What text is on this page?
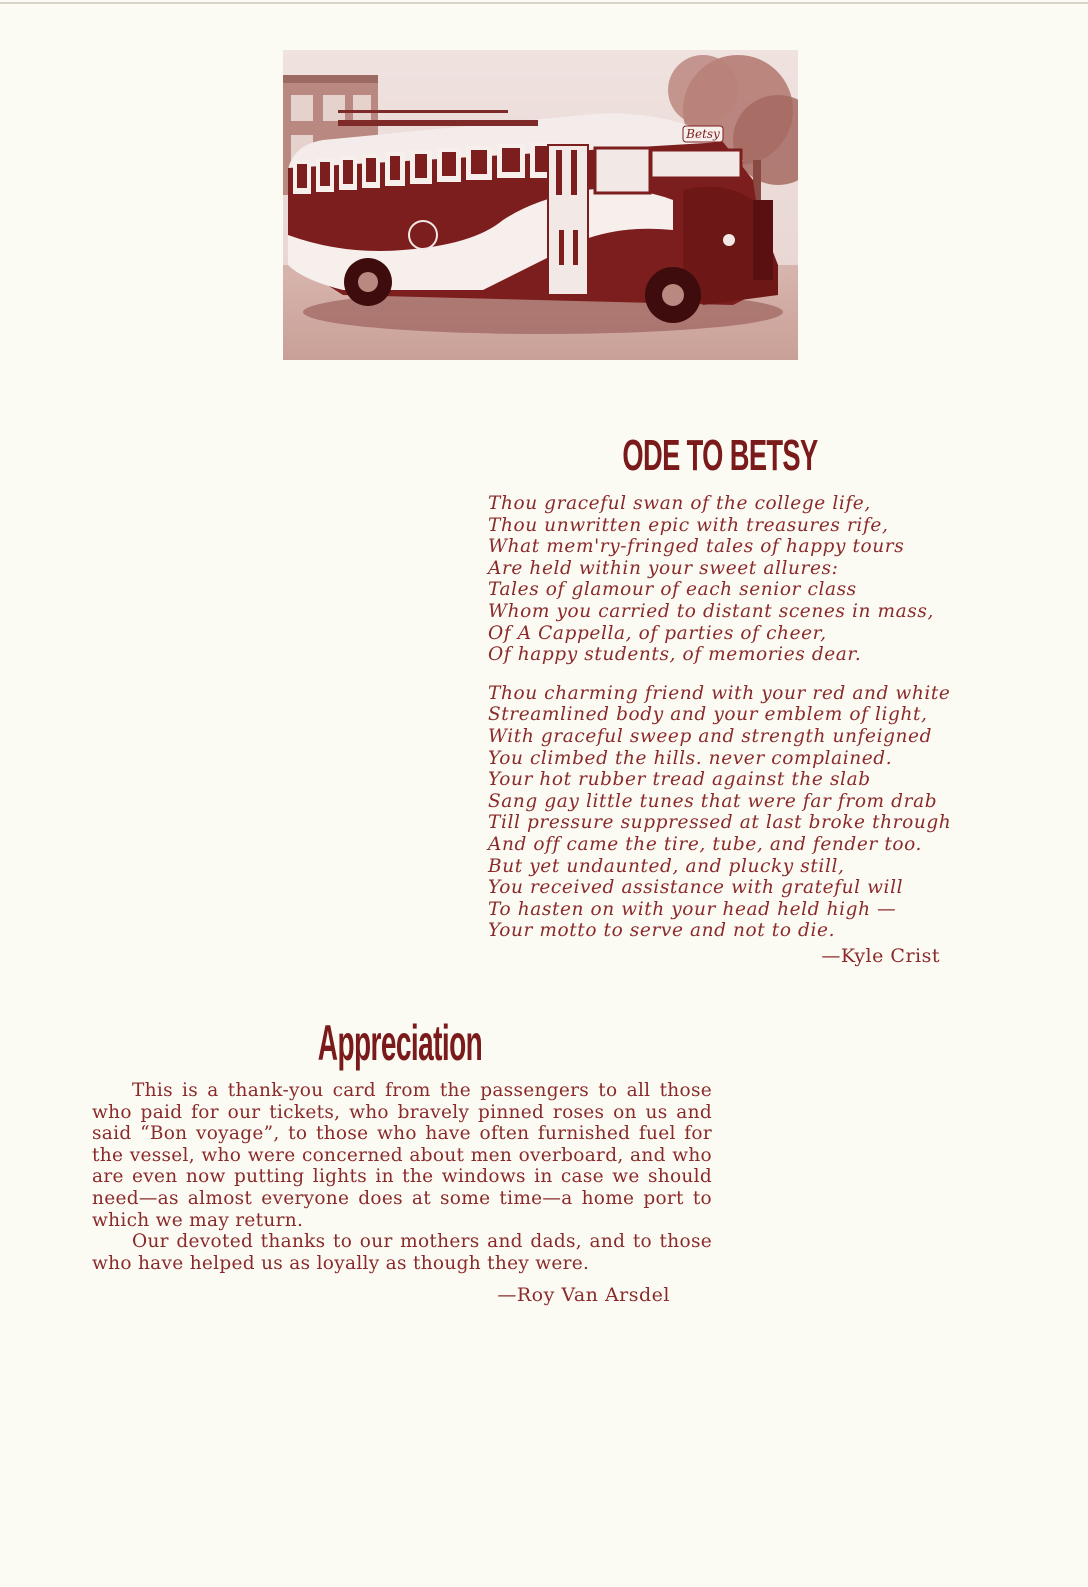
Betsy
ODE TO BETSY
Thou graceful swan of the college life,
Thou unwritten epic with treasures rife,
What mem'ry-fringed tales of happy tours
Are held within your sweet allures:
Tales of glamour of each senior class
Whom you carried to distant scenes in mass,
Of A Cappella, of parties of cheer,
Of happy students, of memories dear.
Thou charming friend with your red and white
Streamlined body and your emblem of light,
With graceful sweep and strength unfeigned
You climbed the hills. never complained.
Your hot rubber tread against the slab
Sang gay little tunes that were far from drab
Till pressure suppressed at last broke through
And off came the tire, tube, and fender too.
But yet undaunted, and plucky still,
You received assistance with grateful will
To hasten on with your head held high —
Your motto to serve and not to die.
—Kyle Crist
Appreciation

This is a thank-you card from the passengers to all those who paid for our tickets, who bravely pinned roses on us and said “Bon voyage”, to those who have often furnished fuel for the vessel, who were concerned about men overboard, and who are even now putting lights in the windows in case we should need—as almost everyone does at some time—a home port to which we may return.

Our devoted thanks to our mothers and dads, and to those who have helped us as loyally as though they were.

—Roy Van Arsdel
